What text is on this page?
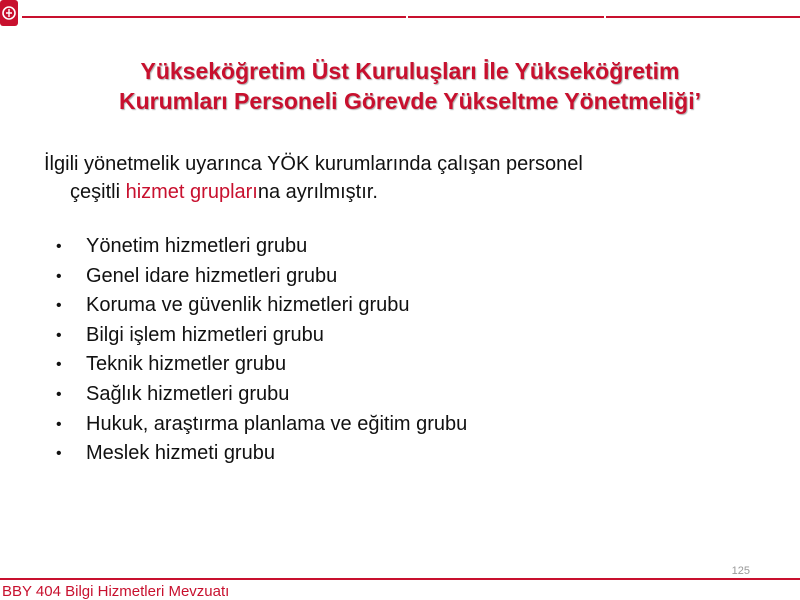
Yükseköğretim Üst Kuruluşları İle Yükseköğretim
Kurumları Personeli Görevde Yükseltme Yönetmeliği’
İlgili yönetmelik uyarınca YÖK kurumlarında çalışan personel
çeşitli hizmet gruplarına ayrılmıştır.
•	Yönetim hizmetleri grubu
•	Genel idare hizmetleri grubu
•	Koruma ve güvenlik hizmetleri grubu
•	Bilgi işlem hizmetleri grubu
•	Teknik hizmetler grubu
•	Sağlık hizmetleri grubu
•	Hukuk, araştırma planlama ve eğitim grubu
•	Meslek hizmeti grubu
125
BBY 404 Bilgi Hizmetleri Mevzuatı
